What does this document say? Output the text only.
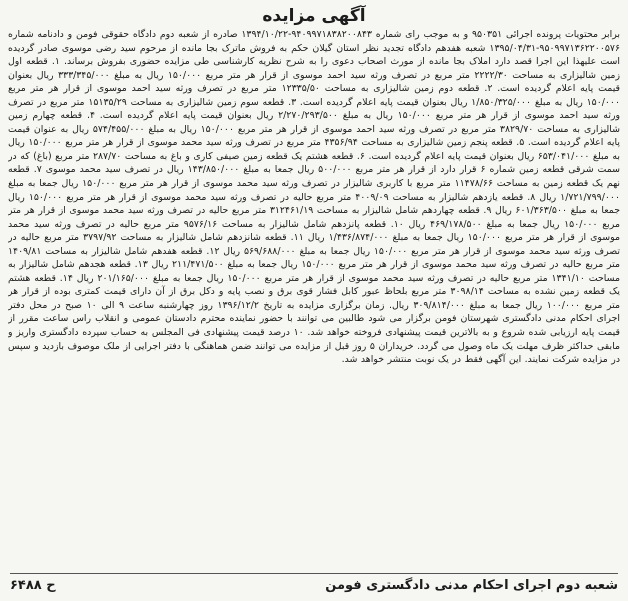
آگهی مزایده
برابر محتویات پرونده اجرائی ۹۵۰۳۵۱ و به موجب رای شماره ۹۴۰۹۹۷۱۸۳۸۲۰۰۸۴۳-۱۳۹۴/۱۰/۲۲ صادره از شعبه دوم دادگاه حقوقی فومن و دادنامه شماره ۹۵۰۹۹۷۱۳۶۲۲۰۰۵۷۶-۱۳۹۵/۰۴/۳۱ شعبه هفدهم دادگاه تجدید نظر استان گیلان حکم به فروش ماترک بجا مانده از مرحوم سید رضی موسوی صادر گردیده است علیهذا این اجرا قصد دارد املاک بجا مانده از مورث اصحاب دعوی را به شرح نظریه کارشناسی طی مزایده حضوری بفروش برساند. ۱. قطعه اول زمین شالیزاری به مساحت ۲۲۲۲/۳۰ متر مربع در تصرف ورثه سید احمد موسوی از قرار هر متر مربع ۱۵۰/۰۰۰ ریال به مبلغ ۳۳۳/۳۴۵/۰۰۰ ریال بعنوان قیمت پایه اعلام گردیده است. ۲. قطعه دوم زمین شالیزاری به مساحت ۱۲۳۳۵/۵۰ متر مربع در تصرف ورثه سید احمد موسوی از قرار هر متر مربع ۱۵۰/۰۰۰ ریال به مبلغ ۱/۸۵۰/۳۲۵/۰۰۰ ریال بعنوان قیمت پایه اعلام گردیده است. ۳. قطعه سوم زمین شالیزاری به مساحت ۱۵۱۳۵/۲۹ متر مربع در تصرف ورثه سید احمد موسوی از قرار هر متر مربع ۱۵۰/۰۰۰ ریال به مبلغ ۲/۲۷۰/۲۹۳/۵۰۰ ریال بعنوان قیمت پایه اعلام گردیده است. ۴. قطعه چهارم زمین شالیزاری به مساحت ۳۸۲۹/۷۰ متر مربع در تصرف ورثه سید احمد موسوی از قرار هر متر مربع ۱۵۰/۰۰۰ ریال به مبلغ ۵۷۴/۴۵۵/۰۰۰ ریال به عنوان قیمت پایه اعلام گردیده است. ۵. قطعه پنجم زمین شالیزاری به مساحت ۴۳۵۶/۹۴ متر مربع در تصرف ورثه سید محمد موسوی از قرار هر متر مربع ۱۵۰/۰۰۰ ریال به مبلغ ۶۵۳/۰۴۱/۰۰۰ ریال بعنوان قیمت پایه اعلام گردیده است. ۶. قطعه هشتم یک قطعه زمین صیفی کاری و باغ به مساحت ۲۸۷/۷۰ متر مربع (باغ) که در سمت شرقی قطعه زمین شماره ۶ قرار دارد از قرار هر متر مربع ۵۰۰/۰۰۰ ریال جمعا به مبلغ ۱۴۳/۸۵۰/۰۰۰ ریال در تصرف سید محمد موسوی ۷. قطعه نهم یک قطعه زمین به مساحت ۱۱۴۷۸/۶۶ متر مربع با کاربری شالیزار در تصرف ورثه سید محمد موسوی از قرار هر متر مربع ۱۵۰/۰۰۰ ریال جمعا به مبلغ ۱/۷۲۱/۷۹۹/۰۰۰ ریال ۸. قطعه یازدهم شالیزار به مساحت ۴۰۰۹/۰۹ متر مربع حالیه در تصرف ورثه سید محمد موسوی از قرار هر متر مربع ۱۵۰/۰۰۰ ریال جمعا به مبلغ ۶۰۱/۳۶۳/۵۰۰ ریال ۹. قطعه چهاردهم شامل شالیزار به مساحت ۳۱۲۴۶۱/۱۹ متر مربع حالیه در تصرف ورثه سید محمد موسوی از قرار هر متر مربع ۱۵۰/۰۰۰ ریال جمعا به مبلغ ۴۶۹/۱۷۸/۵۰۰ ریال ۱۰. قطعه پانزدهم شامل شالیزار به مساحت ۹۵۷۶/۱۶ متر مربع حالیه در تصرف ورثه سید محمد موسوی از قرار هر متر مربع ۱۵۰/۰۰۰ ریال جمعا به مبلغ ۱/۴۳۶/۸۷۴/۰۰۰ ریال ۱۱. قطعه شانزدهم شامل شالیزار به مساحت ۳۷۹۷/۹۲ متر مربع حالیه در تصرف ورثه سید محمد موسوی از قرار هر متر مربع ۱۵۰/۰۰۰ ریال جمعا به مبلغ ۵۶۹/۶۸۸/۰۰۰ ریال ۱۲. قطعه هفدهم شامل شالیزار به مساحت ۱۴۰۹/۸۱ متر مربع حالیه در تصرف ورثه سید محمد موسوی از قرار هر متر مربع ۱۵۰/۰۰۰ ریال جمعا به مبلغ ۲۱۱/۴۷۱/۵۰۰ ریال ۱۳. قطعه هجدهم شامل شالیزار به مساحت ۱۳۴۱/۱۰ متر مربع حالیه در تصرف ورثه سید محمد موسوی از قرار هر متر مربع ۱۵۰/۰۰۰ ریال جمعا به مبلغ ۲۰۱/۱۶۵/۰۰۰ ریال ۱۴. قطعه هشتم یک قطعه زمین نشده به مساحت ۳۰۹۸/۱۴ متر مربع بلحاظ عبور کابل فشار قوی برق و نصب پایه و دکل برق از آن دارای قیمت کمتری بوده از قرار هر متر مربع ۱۰۰/۰۰۰ ریال جمعا به مبلغ ۳۰۹/۸۱۴/۰۰۰ ریال. زمان برگزاری مزایده به تاریخ ۱۳۹۶/۱۲/۲ روز چهارشنبه ساعت ۹ الی ۱۰ صبح در محل دفتر اجرای احکام مدنی دادگستری شهرستان فومن برگزار می شود طالبین می توانند با حضور نماینده محترم دادستان عمومی و انقلاب راس ساعت مقرر از قیمت پایه ارزیابی شده شروع و به بالاترین قیمت پیشنهادی فروخته خواهد شد. ۱۰ درصد قیمت پیشنهادی فی المجلس به حساب سپرده دادگستری واریز و مابقی حداکثر ظرف مهلت یک ماه وصول می گردد. خریداران ۵ روز قبل از مزایده می توانند ضمن هماهنگی با دفتر اجرایی از ملک موصوف بازدید و سپس در مزایده شرکت نمایند. این آگهی فقط در یک نوبت منتشر خواهد شد.
شعبه دوم اجرای احکام مدنی دادگستری فومن
ح ۶۴۸۸
